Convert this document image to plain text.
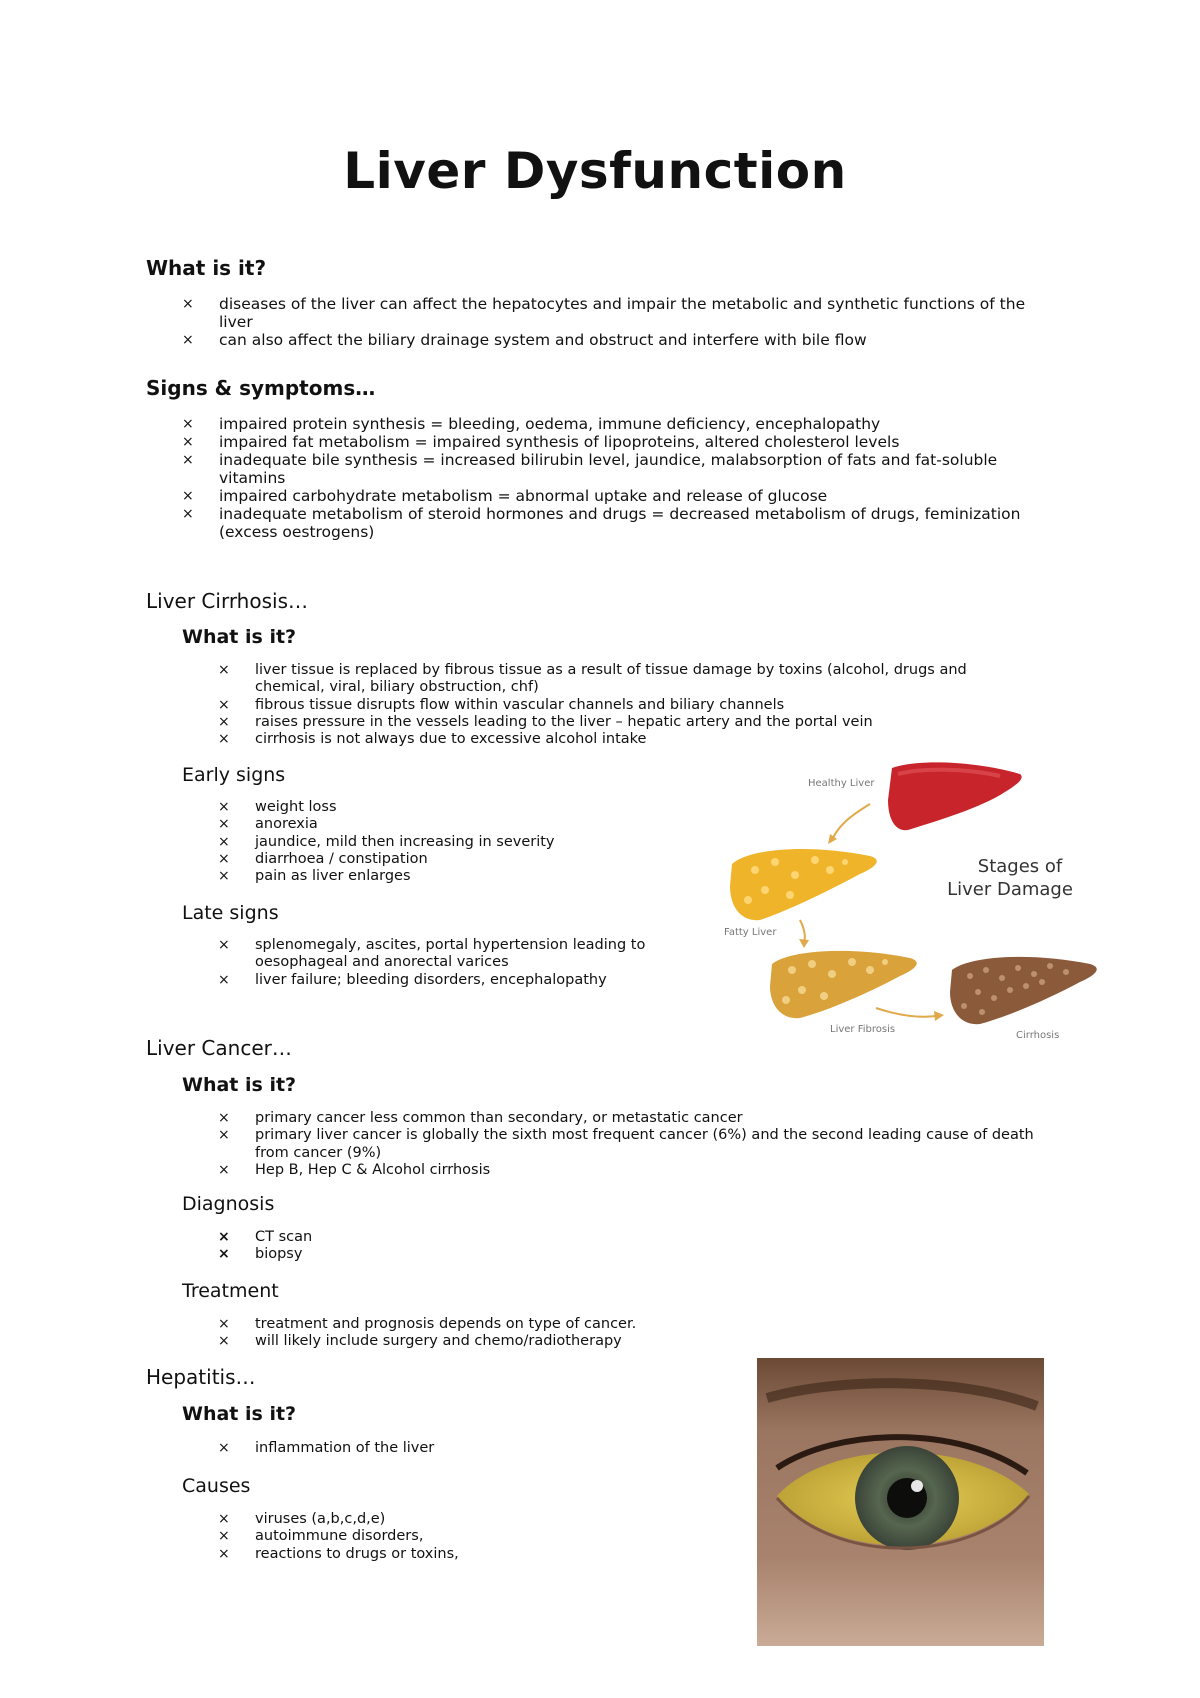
Liver Dysfunction
What is it?
× diseases of the liver can affect the hepatocytes and impair the metabolic and synthetic functions of the liver
× can also affect the biliary drainage system and obstruct and interfere with bile flow
Signs & symptoms…
× impaired protein synthesis = bleeding, oedema, immune deficiency, encephalopathy
× impaired fat metabolism = impaired synthesis of lipoproteins, altered cholesterol levels
× inadequate bile synthesis = increased bilirubin level, jaundice, malabsorption of fats and fat-soluble vitamins
× impaired carbohydrate metabolism = abnormal uptake and release of glucose
× inadequate metabolism of steroid hormones and drugs = decreased metabolism of drugs, feminization (excess oestrogens)
Liver Cirrhosis…
What is it?
× liver tissue is replaced by fibrous tissue as a result of tissue damage by toxins (alcohol, drugs and chemical, viral, biliary obstruction, chf)
× fibrous tissue disrupts flow within vascular channels and biliary channels
× raises pressure in the vessels leading to the liver – hepatic artery and the portal vein
× cirrhosis is not always due to excessive alcohol intake
Early signs
× weight loss
× anorexia
× jaundice, mild then increasing in severity
× diarrhoea / constipation
× pain as liver enlarges
Late signs
× splenomegaly, ascites, portal hypertension leading to oesophageal and anorectal varices
× liver failure; bleeding disorders, encephalopathy
Healthy Liver
Fatty Liver
Liver Fibrosis
Cirrhosis
Stages of
Liver Damage
Liver Cancer…
What is it?
× primary cancer less common than secondary, or metastatic cancer
× primary liver cancer is globally the sixth most frequent cancer (6%) and the second leading cause of death from cancer (9%)
× Hep B, Hep C & Alcohol cirrhosis
Diagnosis
× CT scan
× biopsy
Treatment
× treatment and prognosis depends on type of cancer.
× will likely include surgery and chemo/radiotherapy
Hepatitis…
What is it?
× inflammation of the liver
Causes
× viruses (a,b,c,d,e)
× autoimmune disorders,
× reactions to drugs or toxins,
